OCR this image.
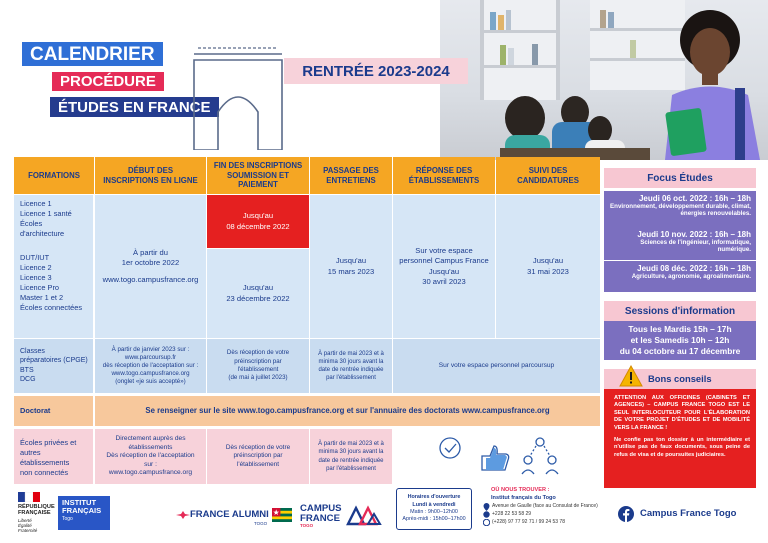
CALENDRIER
PROCÉDURE
ÉTUDES EN FRANCE
RENTRÉE 2023-2024
FORMATIONS
DÉBUT DES INSCRIPTIONS EN LIGNE
FIN DES INSCRIPTIONS SOUMISSION ET PAIEMENT
PASSAGE DES ENTRETIENS
RÉPONSE DES ÉTABLISSEMENTS
SUIVI DES CANDIDATURES
Licence 1
Licence 1 santé
Écoles
d'architecture
DUT/IUT
Licence 2
Licence 3
Licence Pro
Master 1 et 2
Écoles connectées
À partir du
1er octobre 2022
www.togo.campusfrance.org
Jusqu'au
08 décembre 2022
Jusqu'au
23 décembre 2022
Jusqu'au
15 mars 2023
Sur votre espace
personnel Campus France
Jusqu'au
30 avril 2023
Jusqu'au
31 mai 2023
Classes
préparatoires (CPGE)
BTS
DCG
À partir de janvier 2023 sur :
www.parcoursup.fr
dès réception de l'acceptation sur :
www.togo.campusfrance.org
(onglet «je suis accepté»)
Dès réception de votre
préinscription par
l'établissement
(de mai à juillet 2023)
À partir de mai 2023 et à
minima 30 jours avant la
date de rentrée indiquée
par l'établissement
Sur votre espace personnel parcoursup
Doctorat	Se renseigner sur le site www.togo.campusfrance.org et sur l'annuaire des doctorats www.campusfrance.org
Écoles privées et
autres
établissements
non connectés
Directement auprès des
établissements
Dès réception de l'acceptation
sur :
www.togo.campusfrance.org
Dès réception de votre
préinscription par
l'établissement
À partir de mai 2023 et à
minima 30 jours avant la
date de rentrée indiquée
par l'établissement
Focus Études
Jeudi 06 oct. 2022 : 16h – 18h
Environnement, développement durable, climat, énergies renouvelables.
Jeudi 10 nov. 2022 : 16h – 18h
Sciences de l'ingénieur, informatique, numérique.
Jeudi 08 déc. 2022 : 16h – 18h
Agriculture, agronomie, agroalimentaire.
Sessions d'information
Tous les Mardis 15h – 17h
et les Samedis 10h – 12h
du 04 octobre au 17 décembre
Bons conseils
ATTENTION AUX OFFICINES (CABINETS ET AGENCES) – CAMPUS FRANCE TOGO EST LE SEUL INTERLOCUTEUR POUR L'ÉLABORATION DE VOTRE PROJET D'ÉTUDES ET DE MOBILITÉ VERS LA FRANCE !
Ne confie pas ton dossier à un intermédiaire et n'utilise pas de faux documents, sous peine de refus de visa et de poursuites judiciaires.
RÉPUBLIQUE
FRANÇAISE
Liberté
Égalité
Fraternité
INSTITUT
FRANÇAIS
Togo	FRANCE ALUMNI
TOGO
CAMPUS
FRANCE
TOGO
Horaires d'ouverture
Lundi à vendredi
Matin : 9h00–12h00
Après-midi : 15h00–17h00
OÙ NOUS TROUVER :
Institut français du Togo
Avenue de Gaulle (face au Consulat de France)
+228 22 53 58 29
(+228) 97 77 92 71 / 99 24 53 78
Campus France Togo
